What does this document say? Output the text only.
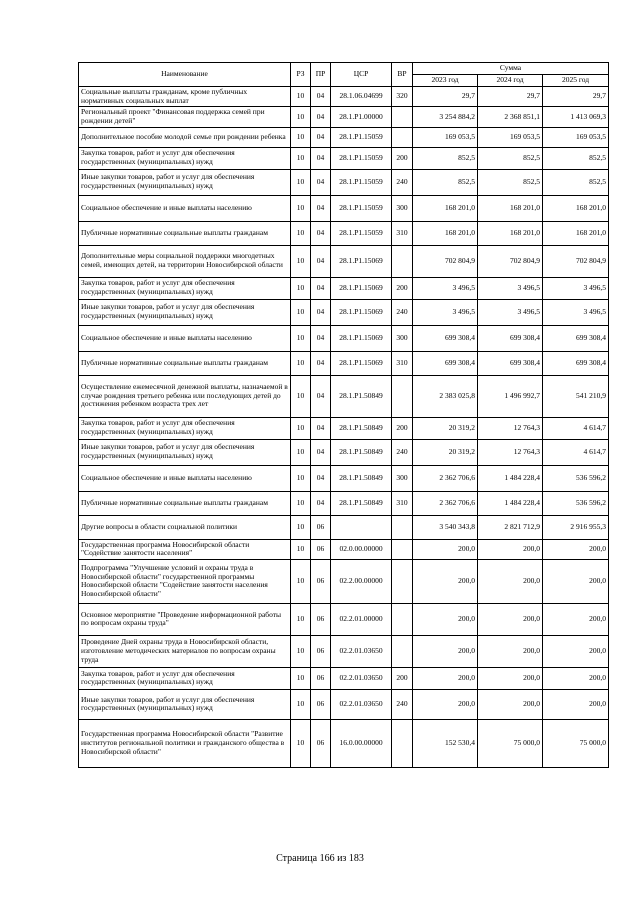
Наименование	РЗ	ПР	ЦСР	ВР	Сумма		
					2023 год	2024 год	2025 год
Социальные выплаты гражданам, кроме публичных нормативных социальных выплат	10	04	28.1.06.04699	320	29,7	29,7	29,7
Региональный проект "Финансовая поддержка семей при рождении детей"	10	04	28.1.P1.00000		3 254 884,2	2 368 851,1	1 413 069,3
Дополнительное пособие молодой семье при рождении ребенка	10	04	28.1.P1.15059		169 053,5	169 053,5	169 053,5
Закупка товаров, работ и услуг для обеспечения государственных (муниципальных) нужд	10	04	28.1.P1.15059	200	852,5	852,5	852,5
Иные закупки товаров, работ и услуг для обеспечения государственных (муниципальных) нужд	10	04	28.1.P1.15059	240	852,5	852,5	852,5
Социальное обеспечение и иные выплаты населению	10	04	28.1.P1.15059	300	168 201,0	168 201,0	168 201,0
Публичные нормативные социальные выплаты гражданам	10	04	28.1.P1.15059	310	168 201,0	168 201,0	168 201,0
Дополнительные меры социальной поддержки многодетных семей, имеющих детей, на территории Новосибирской области	10	04	28.1.P1.15069		702 804,9	702 804,9	702 804,9
Закупка товаров, работ и услуг для обеспечения государственных (муниципальных) нужд	10	04	28.1.P1.15069	200	3 496,5	3 496,5	3 496,5
Иные закупки товаров, работ и услуг для обеспечения государственных (муниципальных) нужд	10	04	28.1.P1.15069	240	3 496,5	3 496,5	3 496,5
Социальное обеспечение и иные выплаты населению	10	04	28.1.P1.15069	300	699 308,4	699 308,4	699 308,4
Публичные нормативные социальные выплаты гражданам	10	04	28.1.P1.15069	310	699 308,4	699 308,4	699 308,4
Осуществление ежемесячной денежной выплаты, назначаемой в случае рождения третьего ребенка или последующих детей до достижения ребенком возраста трех лет	10	04	28.1.P1.50849		2 383 025,8	1 496 992,7	541 210,9
Закупка товаров, работ и услуг для обеспечения государственных (муниципальных) нужд	10	04	28.1.P1.50849	200	20 319,2	12 764,3	4 614,7
Иные закупки товаров, работ и услуг для обеспечения государственных (муниципальных) нужд	10	04	28.1.P1.50849	240	20 319,2	12 764,3	4 614,7
Социальное обеспечение и иные выплаты населению	10	04	28.1.P1.50849	300	2 362 706,6	1 484 228,4	536 596,2
Публичные нормативные социальные выплаты гражданам	10	04	28.1.P1.50849	310	2 362 706,6	1 484 228,4	536 596,2
Другие вопросы в области социальной политики	10	06			3 540 343,8	2 821 712,9	2 916 955,3
Государственная программа Новосибирской области "Содействие занятости населения"	10	06	02.0.00.00000		200,0	200,0	200,0
Подпрограмма "Улучшение условий и охраны труда в Новосибирской области" государственной программы Новосибирской области "Содействие занятости населения Новосибирской области"	10	06	02.2.00.00000		200,0	200,0	200,0
Основное мероприятие "Проведение информационной работы по вопросам охраны труда"	10	06	02.2.01.00000		200,0	200,0	200,0
Проведение Дней охраны труда в Новосибирской области, изготовление методических материалов по вопросам охраны труда	10	06	02.2.01.03650		200,0	200,0	200,0
Закупка товаров, работ и услуг для обеспечения государственных (муниципальных) нужд	10	06	02.2.01.03650	200	200,0	200,0	200,0
Иные закупки товаров, работ и услуг для обеспечения государственных (муниципальных) нужд	10	06	02.2.01.03650	240	200,0	200,0	200,0
Государственная программа Новосибирской области "Развитие институтов региональной политики и гражданского общества в Новосибирской области"	10	06	16.0.00.00000		152 530,4	75 000,0	75 000,0
Страница 166 из 183
